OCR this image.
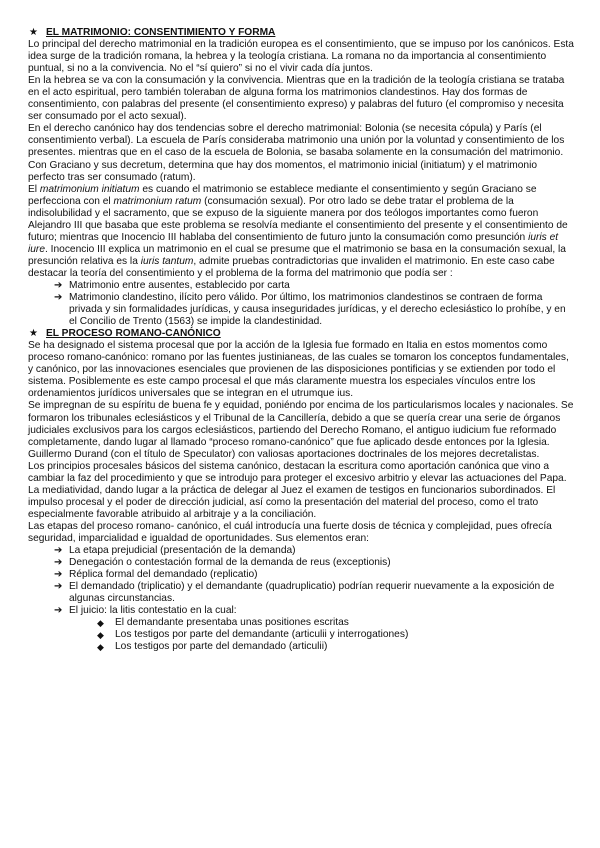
★ EL MATRIMONIO: CONSENTIMIENTO Y FORMA

Lo principal del derecho matrimonial en la tradición europea es el consentimiento, que se impuso por los canónicos. Esta idea surge de la tradición romana, la hebrea y la teología cristiana. La romana no da importancia al consentimiento puntual, si no a la convivencia. No el “sí quiero” si no el vivir cada día juntos.

En la hebrea se va con la consumación y la convivencia. Mientras que en la tradición de la teología cristiana se trataba en el acto espiritual, pero también toleraban de alguna forma los matrimonios clandestinos. Hay dos formas de consentimiento, con palabras del presente (el consentimiento expreso) y palabras del futuro (el compromiso y necesita ser consumado por el acto sexual).

En el derecho canónico hay dos tendencias sobre el derecho matrimonial: Bolonia (se necesita cópula) y París (el consentimiento verbal). La escuela de París consideraba matrimonio una unión por la voluntad y consentimiento de los presentes. mientras que en el caso de la escuela de Bolonia, se basaba solamente en la consumación del matrimonio. Con Graciano y sus decretum, determina que hay dos momentos, el matrimonio inicial (initiatum) y el matrimonio perfecto tras ser consumado (ratum).

El matrimonium initiatum es cuando el matrimonio se establece mediante el consentimiento y según Graciano se perfecciona con el matrimonium ratum (consumación sexual). Por otro lado se debe tratar el problema de la indisolubilidad y el sacramento, que se expuso de la siguiente manera por dos teólogos importantes como fueron Alejandro III que basaba que este problema se resolvía mediante el consentimiento del presente y el consentimiento de futuro; mientras que Inocencio III hablaba del consentimiento de futuro junto la consumación como presunción iuris et iure. Inocencio III explica un matrimonio en el cual se presume que el matrimonio se basa en la consumación sexual, la presunción relativa es la iuris tantum, admite pruebas contradictorias que invaliden el matrimonio. En este caso cabe destacar la teoría del consentimiento y el problema de la forma del matrimonio que podía ser :

➔ Matrimonio entre ausentes, establecido por carta
➔ Matrimonio clandestino, ilícito pero válido. Por último, los matrimonios clandestinos se contraen de forma privada y sin formalidades jurídicas, y causa inseguridades jurídicas, y el derecho eclesiástico lo prohíbe, y en el Concilio de Trento (1563) se impide la clandestinidad.

★ EL PROCESO ROMANO-CANÓNICO

Se ha designado el sistema procesal que por la acción de la Iglesia fue formado en Italia en estos momentos como proceso romano-canónico: romano por las fuentes justinianeas, de las cuales se tomaron los conceptos fundamentales, y canónico, por las innovaciones esenciales que provienen de las disposiciones pontificias y se extienden por todo el sistema. Posiblemente es este campo procesal el que más claramente muestra los especiales vínculos entre los ordenamientos jurídicos universales que se integran en el utrumque ius.

Se impregnan de su espíritu de buena fe y equidad, poniéndo por encima de los particularismos locales y nacionales. Se formaron los tribunales eclesiásticos y el Tribunal de la Cancillería, debido a que se quería crear una serie de órganos judiciales exclusivos para los cargos eclesiásticos, partiendo del Derecho Romano, el antiguo iudicium fue reformado completamente, dando lugar al llamado “proceso romano-canónico” que fue aplicado desde entonces por la Iglesia. Guillermo Durand (con el título de Speculator) con valiosas aportaciones doctrinales de los mejores decretalistas.

Los principios procesales básicos del sistema canónico, destacan la escritura como aportación canónica que vino a cambiar la faz del procedimiento y que se introdujo para proteger el excesivo arbitrio y elevar las actuaciones del Papa. La mediatividad, dando lugar a la práctica de delegar al Juez el examen de testigos en funcionarios subordinados. El impulso procesal y el poder de dirección judicial, así como la presentación del material del proceso, como el trato especialmente favorable atribuido al arbitraje y a la conciliación.

Las etapas del proceso romano- canónico, el cuál introducía una fuerte dosis de técnica y complejidad, pues ofrecía seguridad, imparcialidad e igualdad de oportunidades. Sus elementos eran:

➔ La etapa prejudicial (presentación de la demanda)
➔ Denegación o contestación formal de la demanda de reus (exceptionis)
➔ Réplica formal del demandado (replicatio)
➔ El demandado (triplicatio) y el demandante (quadruplicatio) podrían requerir nuevamente a la exposición de algunas circunstancias.
➔ El juicio: la litis contestatio en la cual:
◆ El demandante presentaba unas positiones escritas
◆ Los testigos por parte del demandante (articulii y interrogationes)
◆ Los testigos por parte del demandado (articulii)
